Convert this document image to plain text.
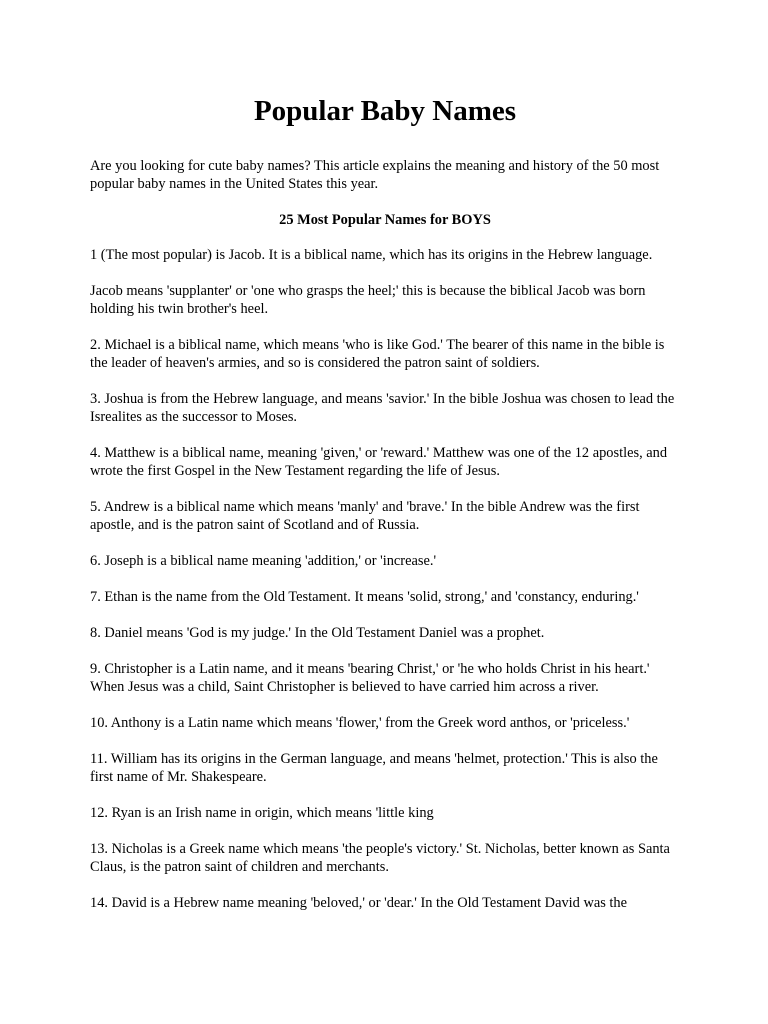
Popular Baby Names

Are you looking for cute baby names? This article explains the meaning and history of the 50 most popular baby names in the United States this year.

25 Most Popular Names for BOYS

1 (The most popular) is Jacob. It is a biblical name, which has its origins in the Hebrew language.

Jacob means 'supplanter' or 'one who grasps the heel;' this is because the biblical Jacob was born holding his twin brother's heel.

2. Michael is a biblical name, which means 'who is like God.' The bearer of this name in the bible is the leader of heaven's armies, and so is considered the patron saint of soldiers.

3. Joshua is from the Hebrew language, and means 'savior.' In the bible Joshua was chosen to lead the Isrealites as the successor to Moses.

4. Matthew is a biblical name, meaning 'given,' or 'reward.' Matthew was one of the 12 apostles, and wrote the first Gospel in the New Testament regarding the life of Jesus.

5. Andrew is a biblical name which means 'manly' and 'brave.' In the bible Andrew was the first apostle, and is the patron saint of Scotland and of Russia.

6. Joseph is a biblical name meaning 'addition,' or 'increase.'

7. Ethan is the name from the Old Testament. It means 'solid, strong,' and 'constancy, enduring.'

8. Daniel means 'God is my judge.' In the Old Testament Daniel was a prophet.

9. Christopher is a Latin name, and it means 'bearing Christ,' or 'he who holds Christ in his heart.' When Jesus was a child, Saint Christopher is believed to have carried him across a river.

10. Anthony is a Latin name which means 'flower,' from the Greek word anthos, or 'priceless.'

11. William has its origins in the German language, and means 'helmet, protection.' This is also the first name of Mr. Shakespeare.

12. Ryan is an Irish name in origin, which means 'little king

13. Nicholas is a Greek name which means 'the people's victory.' St. Nicholas, better known as Santa Claus, is the patron saint of children and merchants.

14. David is a Hebrew name meaning 'beloved,' or 'dear.' In the Old Testament David was the
